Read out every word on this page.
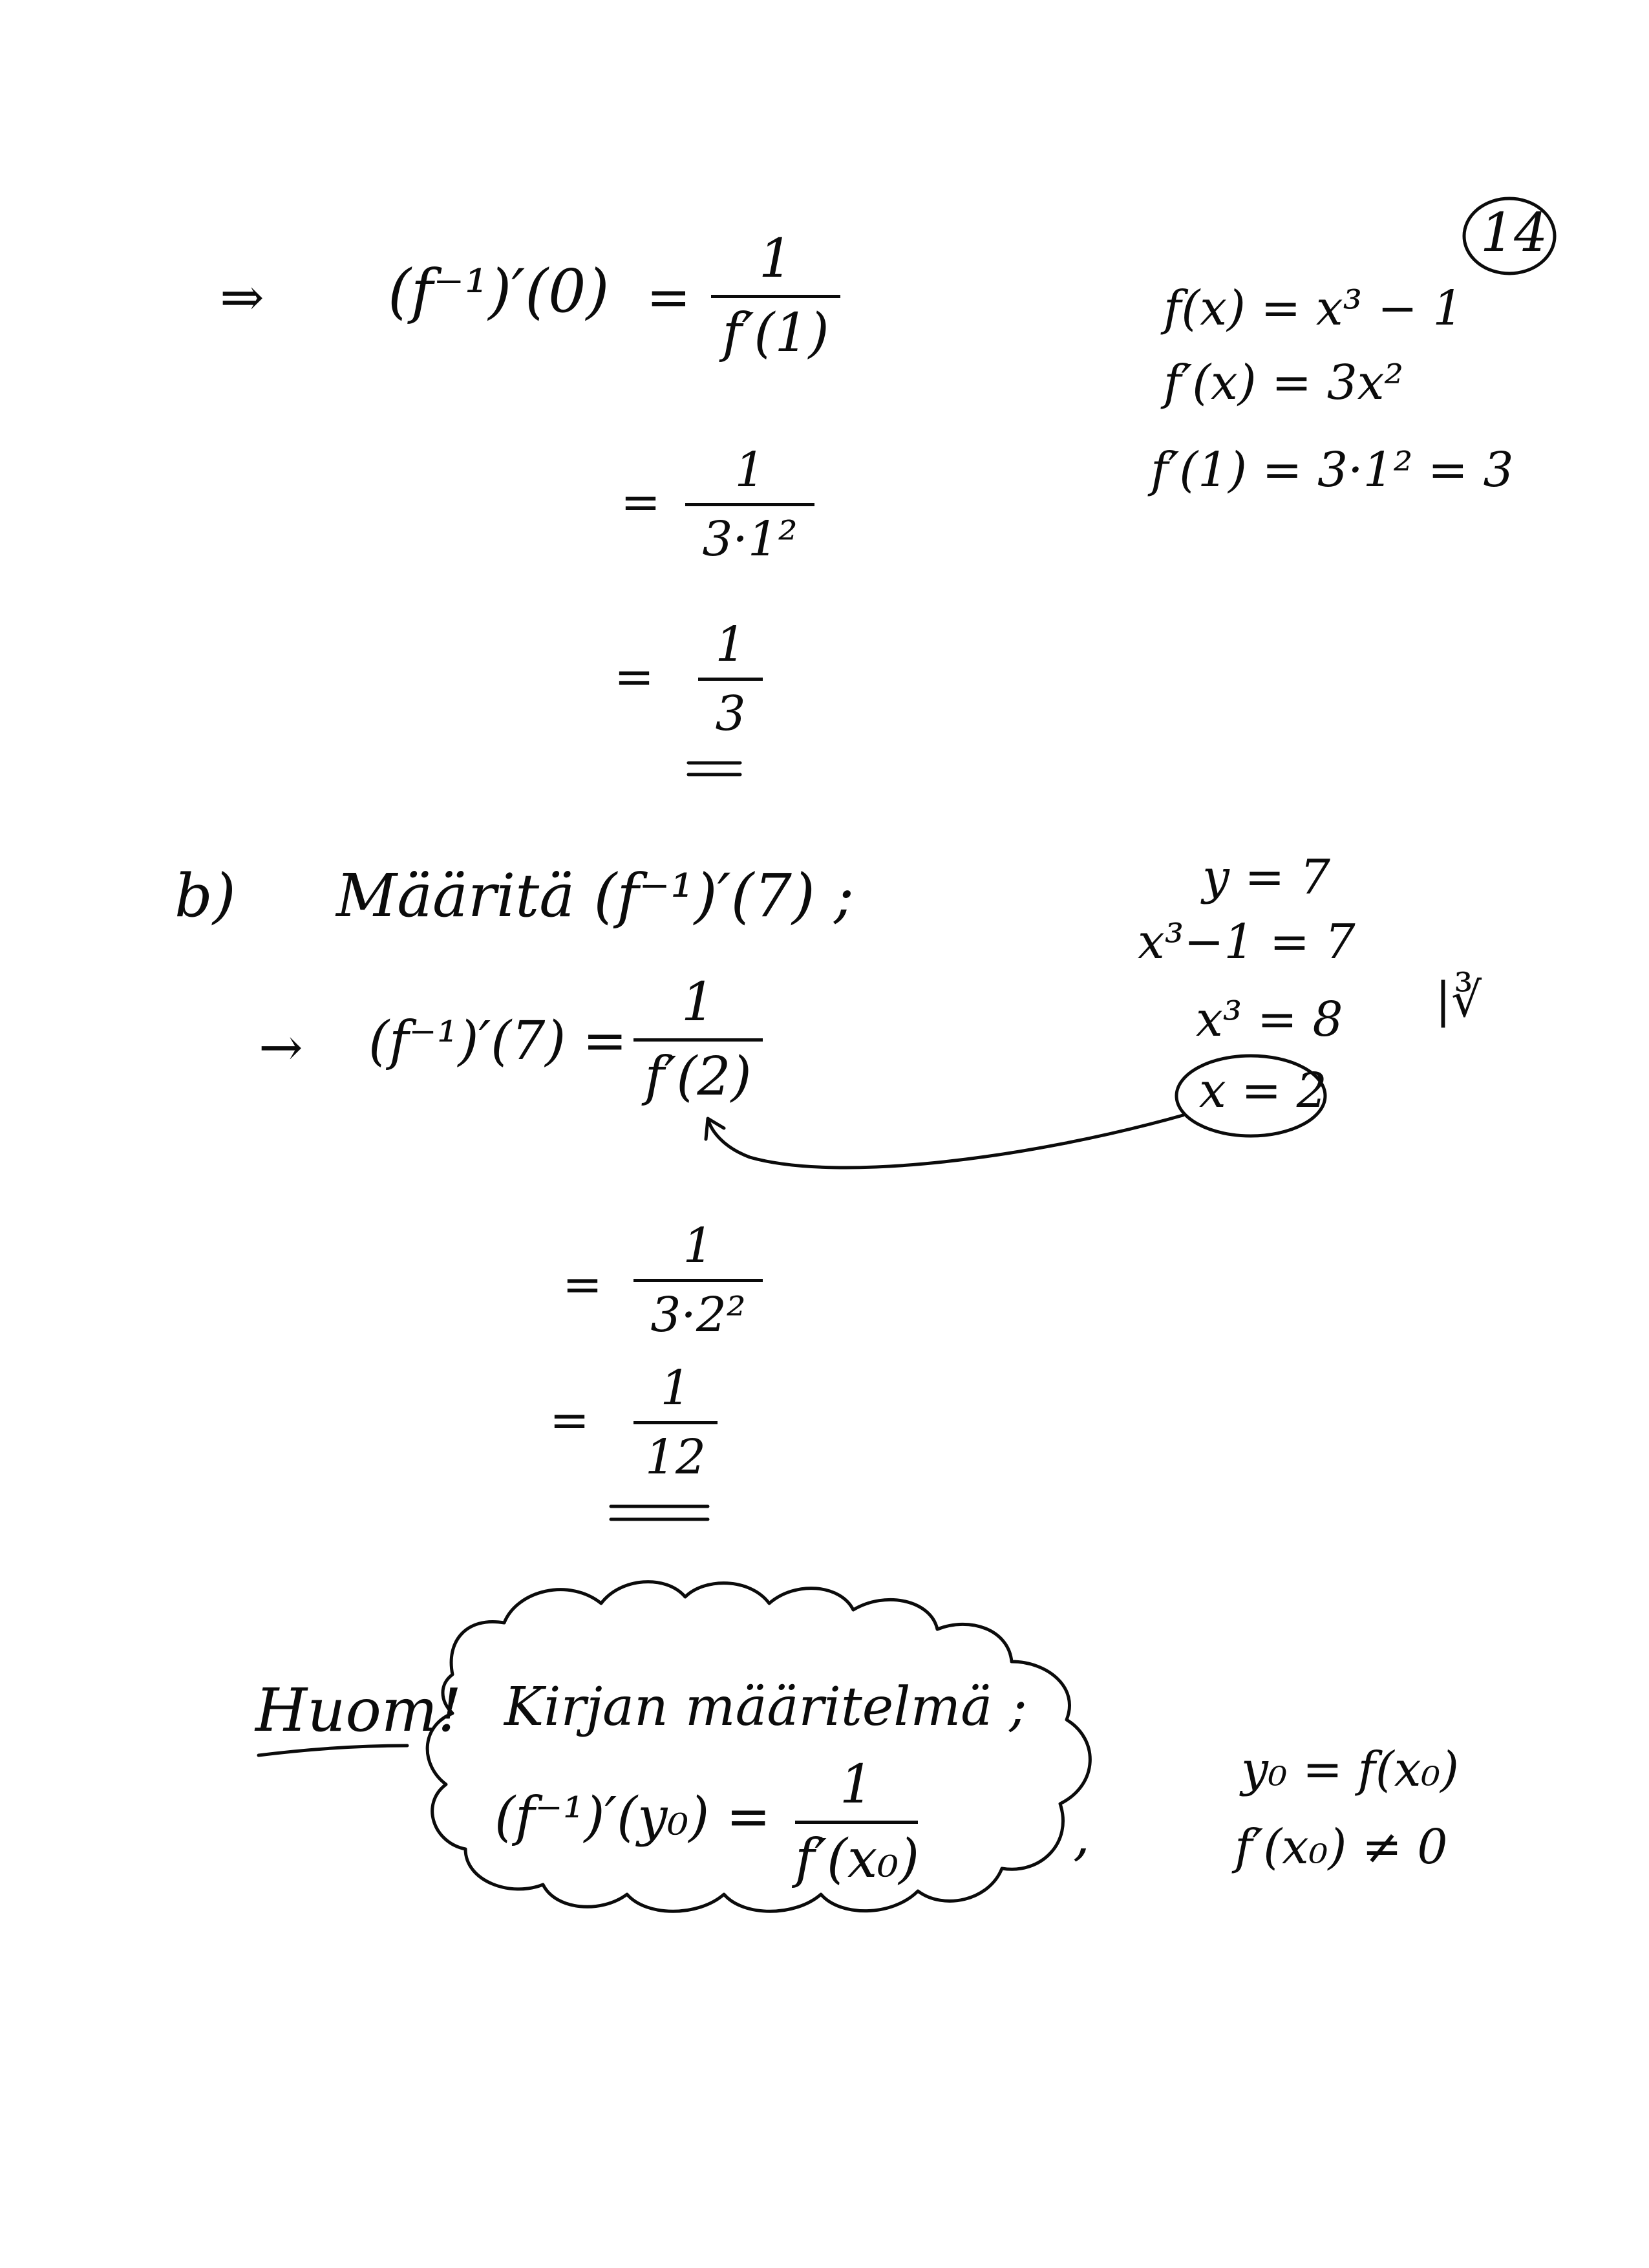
14
⇒ (f⁻¹)′(0) =
1
f′(1)
=
1
3·1²
=
1
3
f(x) = x³ − 1
f′(x) = 3x²
f′(1) = 3·1² = 3
b) Määritä (f⁻¹)′(7) ;
→ (f⁻¹)′(7) =
1
f′(2)
=
1
3·2²
=
1
12
y = 7
x³−1 = 7
x³ = 8
x = 2
|∛
Huom! Kirjan määritelmä ;
(f⁻¹)′(y₀) =
1
f′(x₀)	,
y₀ = f(x₀)
f′(x₀) ≠ 0
